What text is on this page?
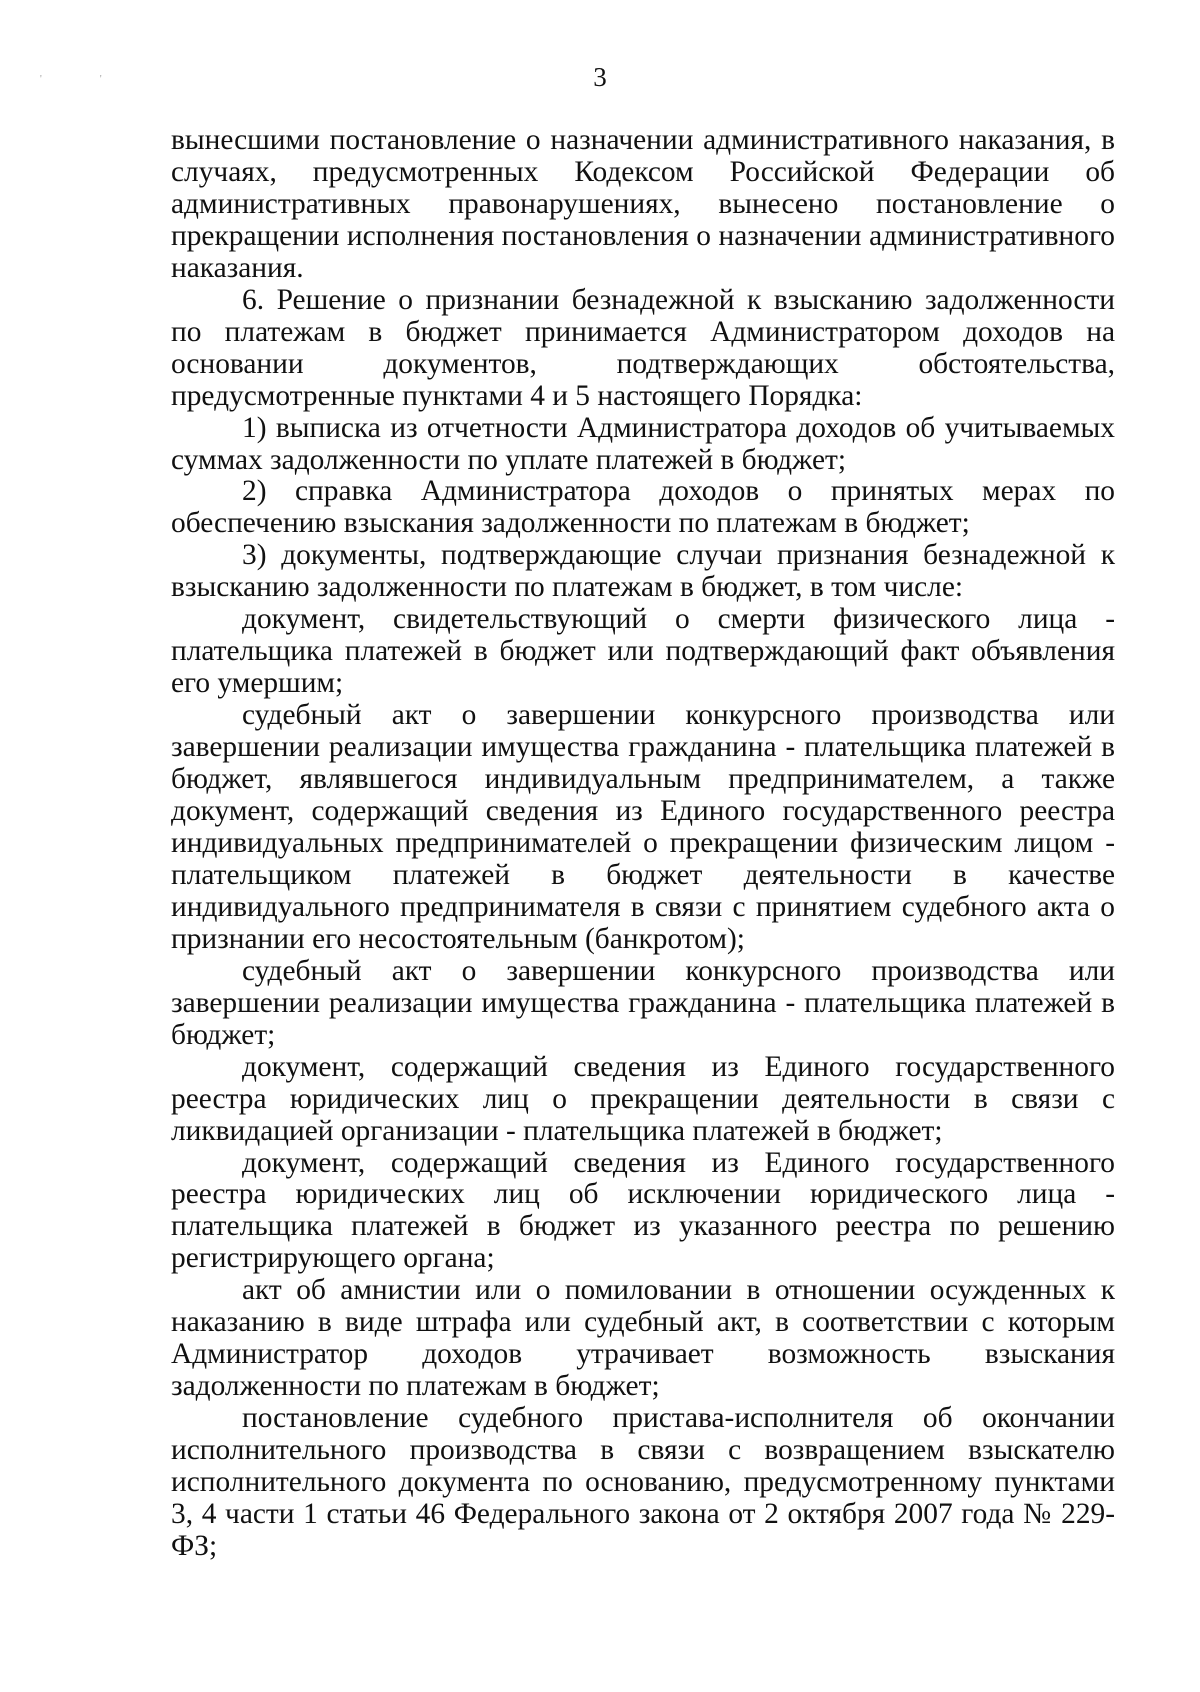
''	3

вынесшими постановление о назначении административного наказания, в случаях, предусмотренных Кодексом Российской Федерации об административных правонарушениях, вынесено постановление о прекращении исполнения постановления о назначении административного наказания.

6. Решение о признании безнадежной к взысканию задолженности по платежам в бюджет принимается Администратором доходов на основании документов, подтверждающих обстоятельства, предусмотренные пунктами 4 и 5 настоящего Порядка:

1) выписка из отчетности Администратора доходов об учитываемых суммах задолженности по уплате платежей в бюджет;

2) справка Администратора доходов о принятых мерах по обеспечению взыскания задолженности по платежам в бюджет;

3) документы, подтверждающие случаи признания безнадежной к взысканию задолженности по платежам в бюджет, в том числе:

документ, свидетельствующий о смерти физического лица - плательщика платежей в бюджет или подтверждающий факт объявления его умершим;

судебный акт о завершении конкурсного производства или завершении реализации имущества гражданина - плательщика платежей в бюджет, являвшегося индивидуальным предпринимателем, а также документ, содержащий сведения из Единого государственного реестра индивидуальных предпринимателей о прекращении физическим лицом - плательщиком платежей в бюджет деятельности в качестве индивидуального предпринимателя в связи с принятием судебного акта о признании его несостоятельным (банкротом);

судебный акт о завершении конкурсного производства или завершении реализации имущества гражданина - плательщика платежей в бюджет;

документ, содержащий сведения из Единого государственного реестра юридических лиц о прекращении деятельности в связи с ликвидацией организации - плательщика платежей в бюджет;

документ, содержащий сведения из Единого государственного реестра юридических лиц об исключении юридического лица - плательщика платежей в бюджет из указанного реестра по решению регистрирующего органа;

акт об амнистии или о помиловании в отношении осужденных к наказанию в виде штрафа или судебный акт, в соответствии с которым Администратор доходов утрачивает возможность взыскания задолженности по платежам в бюджет;

постановление судебного пристава-исполнителя об окончании исполнительного производства в связи с возвращением взыскателю исполнительного документа по основанию, предусмотренному пунктами 3, 4 части 1 статьи 46 Федерального закона от 2 октября 2007 года № 229-ФЗ;
